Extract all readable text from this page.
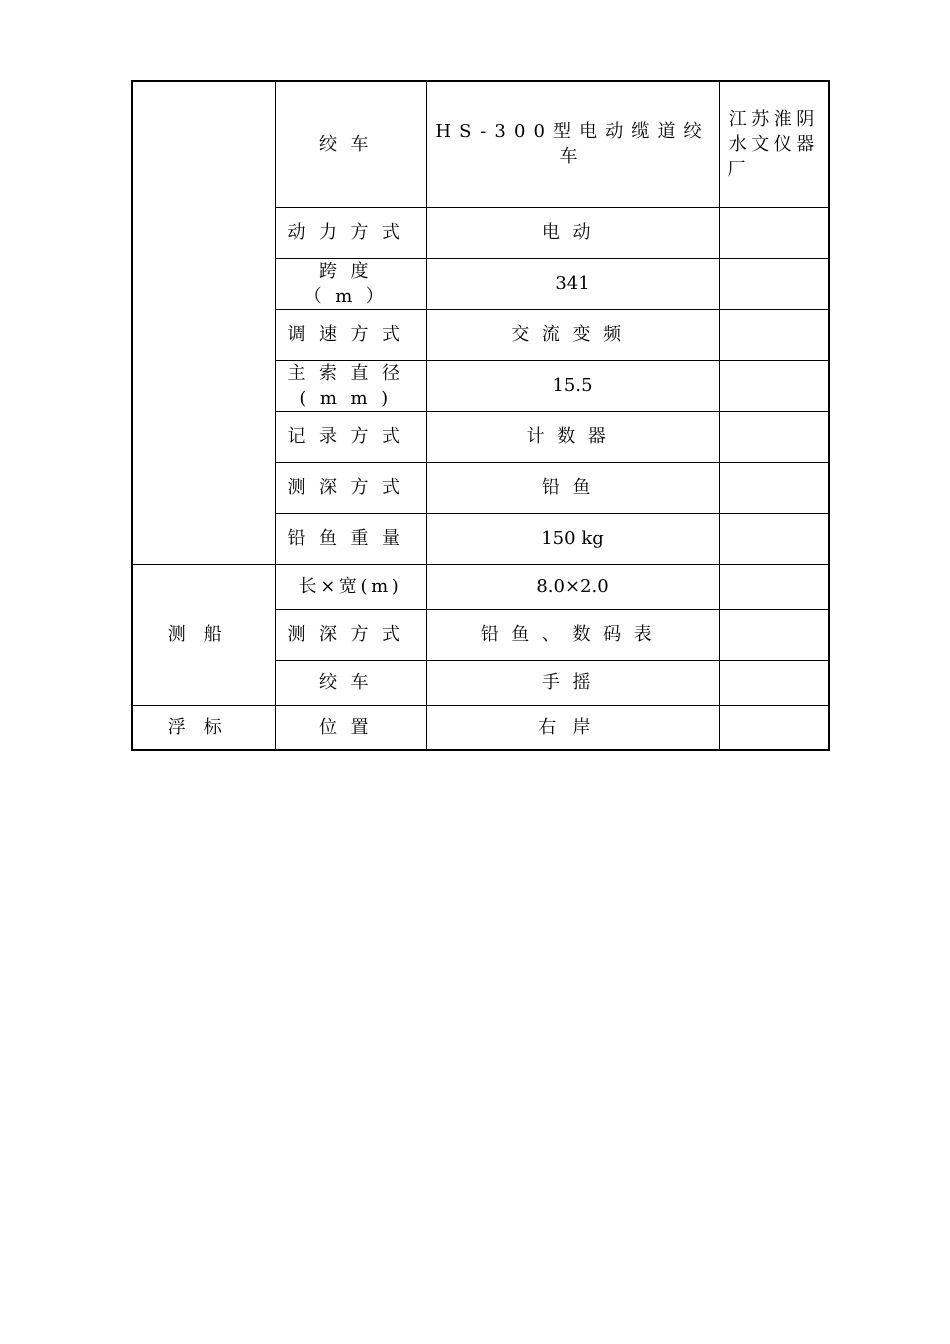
	绞车	HS-300型电动缆道绞车	江苏淮阴水文仪器厂

	动力方式	电动	
	跨度（m）	341	
	调速方式	交流变频	
	主索直径(mm)	15.5	
	记录方式	计数器	
	测深方式	铅鱼	
	铅鱼重量	150 kg	
测船	长×宽(m)	8.0×2.0	
	测深方式	铅鱼、数码表	
	绞车	手摇	
浮标	位置	右岸	
